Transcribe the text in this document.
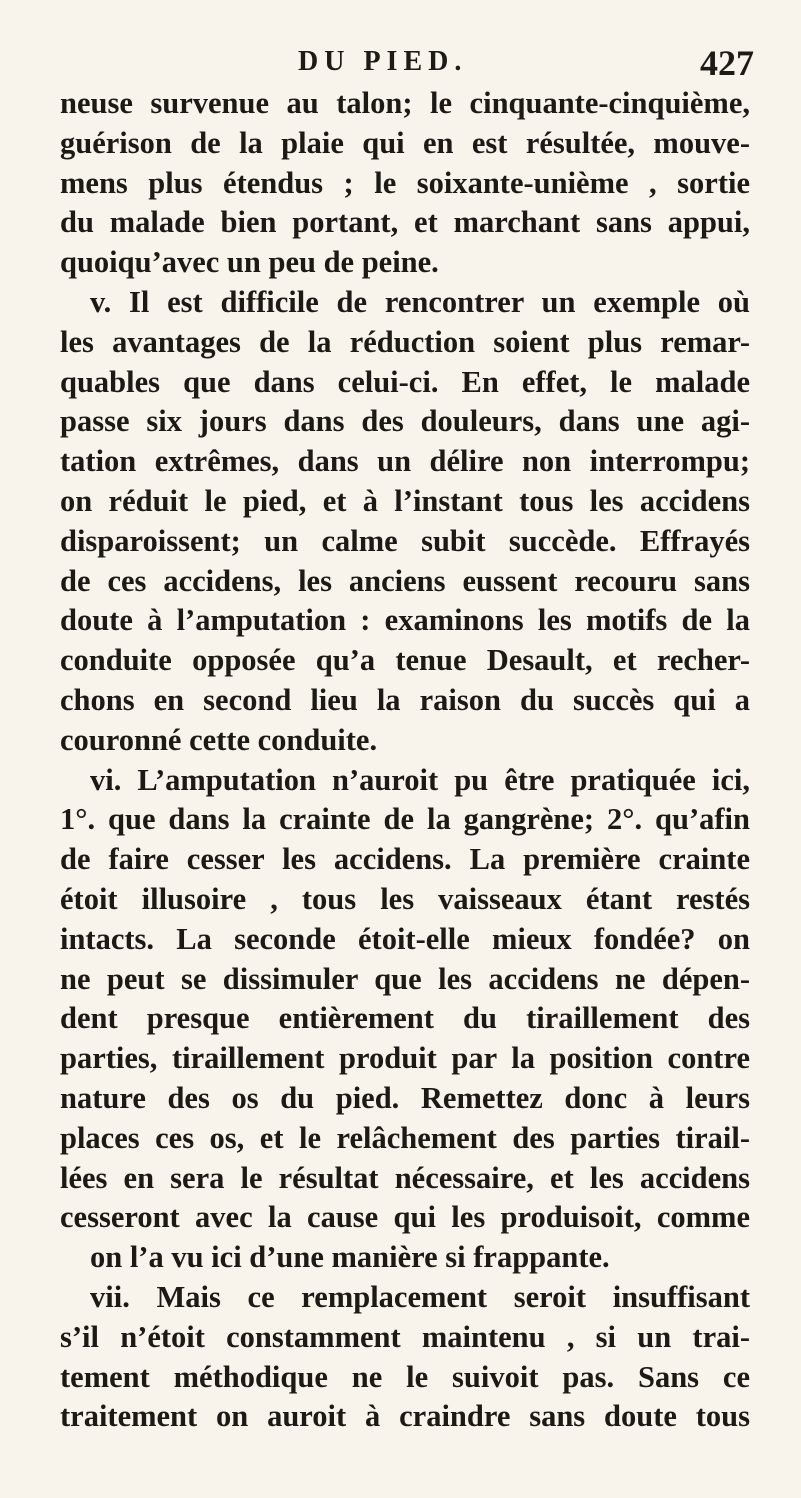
DU PIED.	427
neuse survenue au talon; le cinquante-cinquième,
guérison de la plaie qui en est résultée, mouve-
mens plus étendus ; le soixante-unième , sortie
du malade bien portant, et marchant sans appui,
quoiqu’avec un peu de peine.
v. Il est difficile de rencontrer un exemple où
les avantages de la réduction soient plus remar-
quables que dans celui-ci. En effet, le malade
passe six jours dans des douleurs, dans une agi-
tation extrêmes, dans un délire non interrompu;
on réduit le pied, et à l’instant tous les accidens
disparoissent; un calme subit succède. Effrayés
de ces accidens, les anciens eussent recouru sans
doute à l’amputation : examinons les motifs de la
conduite opposée qu’a tenue Desault, et recher-
chons en second lieu la raison du succès qui a
couronné cette conduite.
vi. L’amputation n’auroit pu être pratiquée ici,
1°. que dans la crainte de la gangrène; 2°. qu’afin
de faire cesser les accidens. La première crainte
étoit illusoire , tous les vaisseaux étant restés
intacts. La seconde étoit-elle mieux fondée? on
ne peut se dissimuler que les accidens ne dépen-
dent presque entièrement du tiraillement des
parties, tiraillement produit par la position contre
nature des os du pied. Remettez donc à leurs
places ces os, et le relâchement des parties tirail-
lées en sera le résultat nécessaire, et les accidens
cesseront avec la cause qui les produisoit, comme
on l’a vu ici d’une manière si frappante.
vii. Mais ce remplacement seroit insuffisant
s’il n’étoit constamment maintenu , si un trai-
tement méthodique ne le suivoit pas. Sans ce
traitement on auroit à craindre sans doute tous
